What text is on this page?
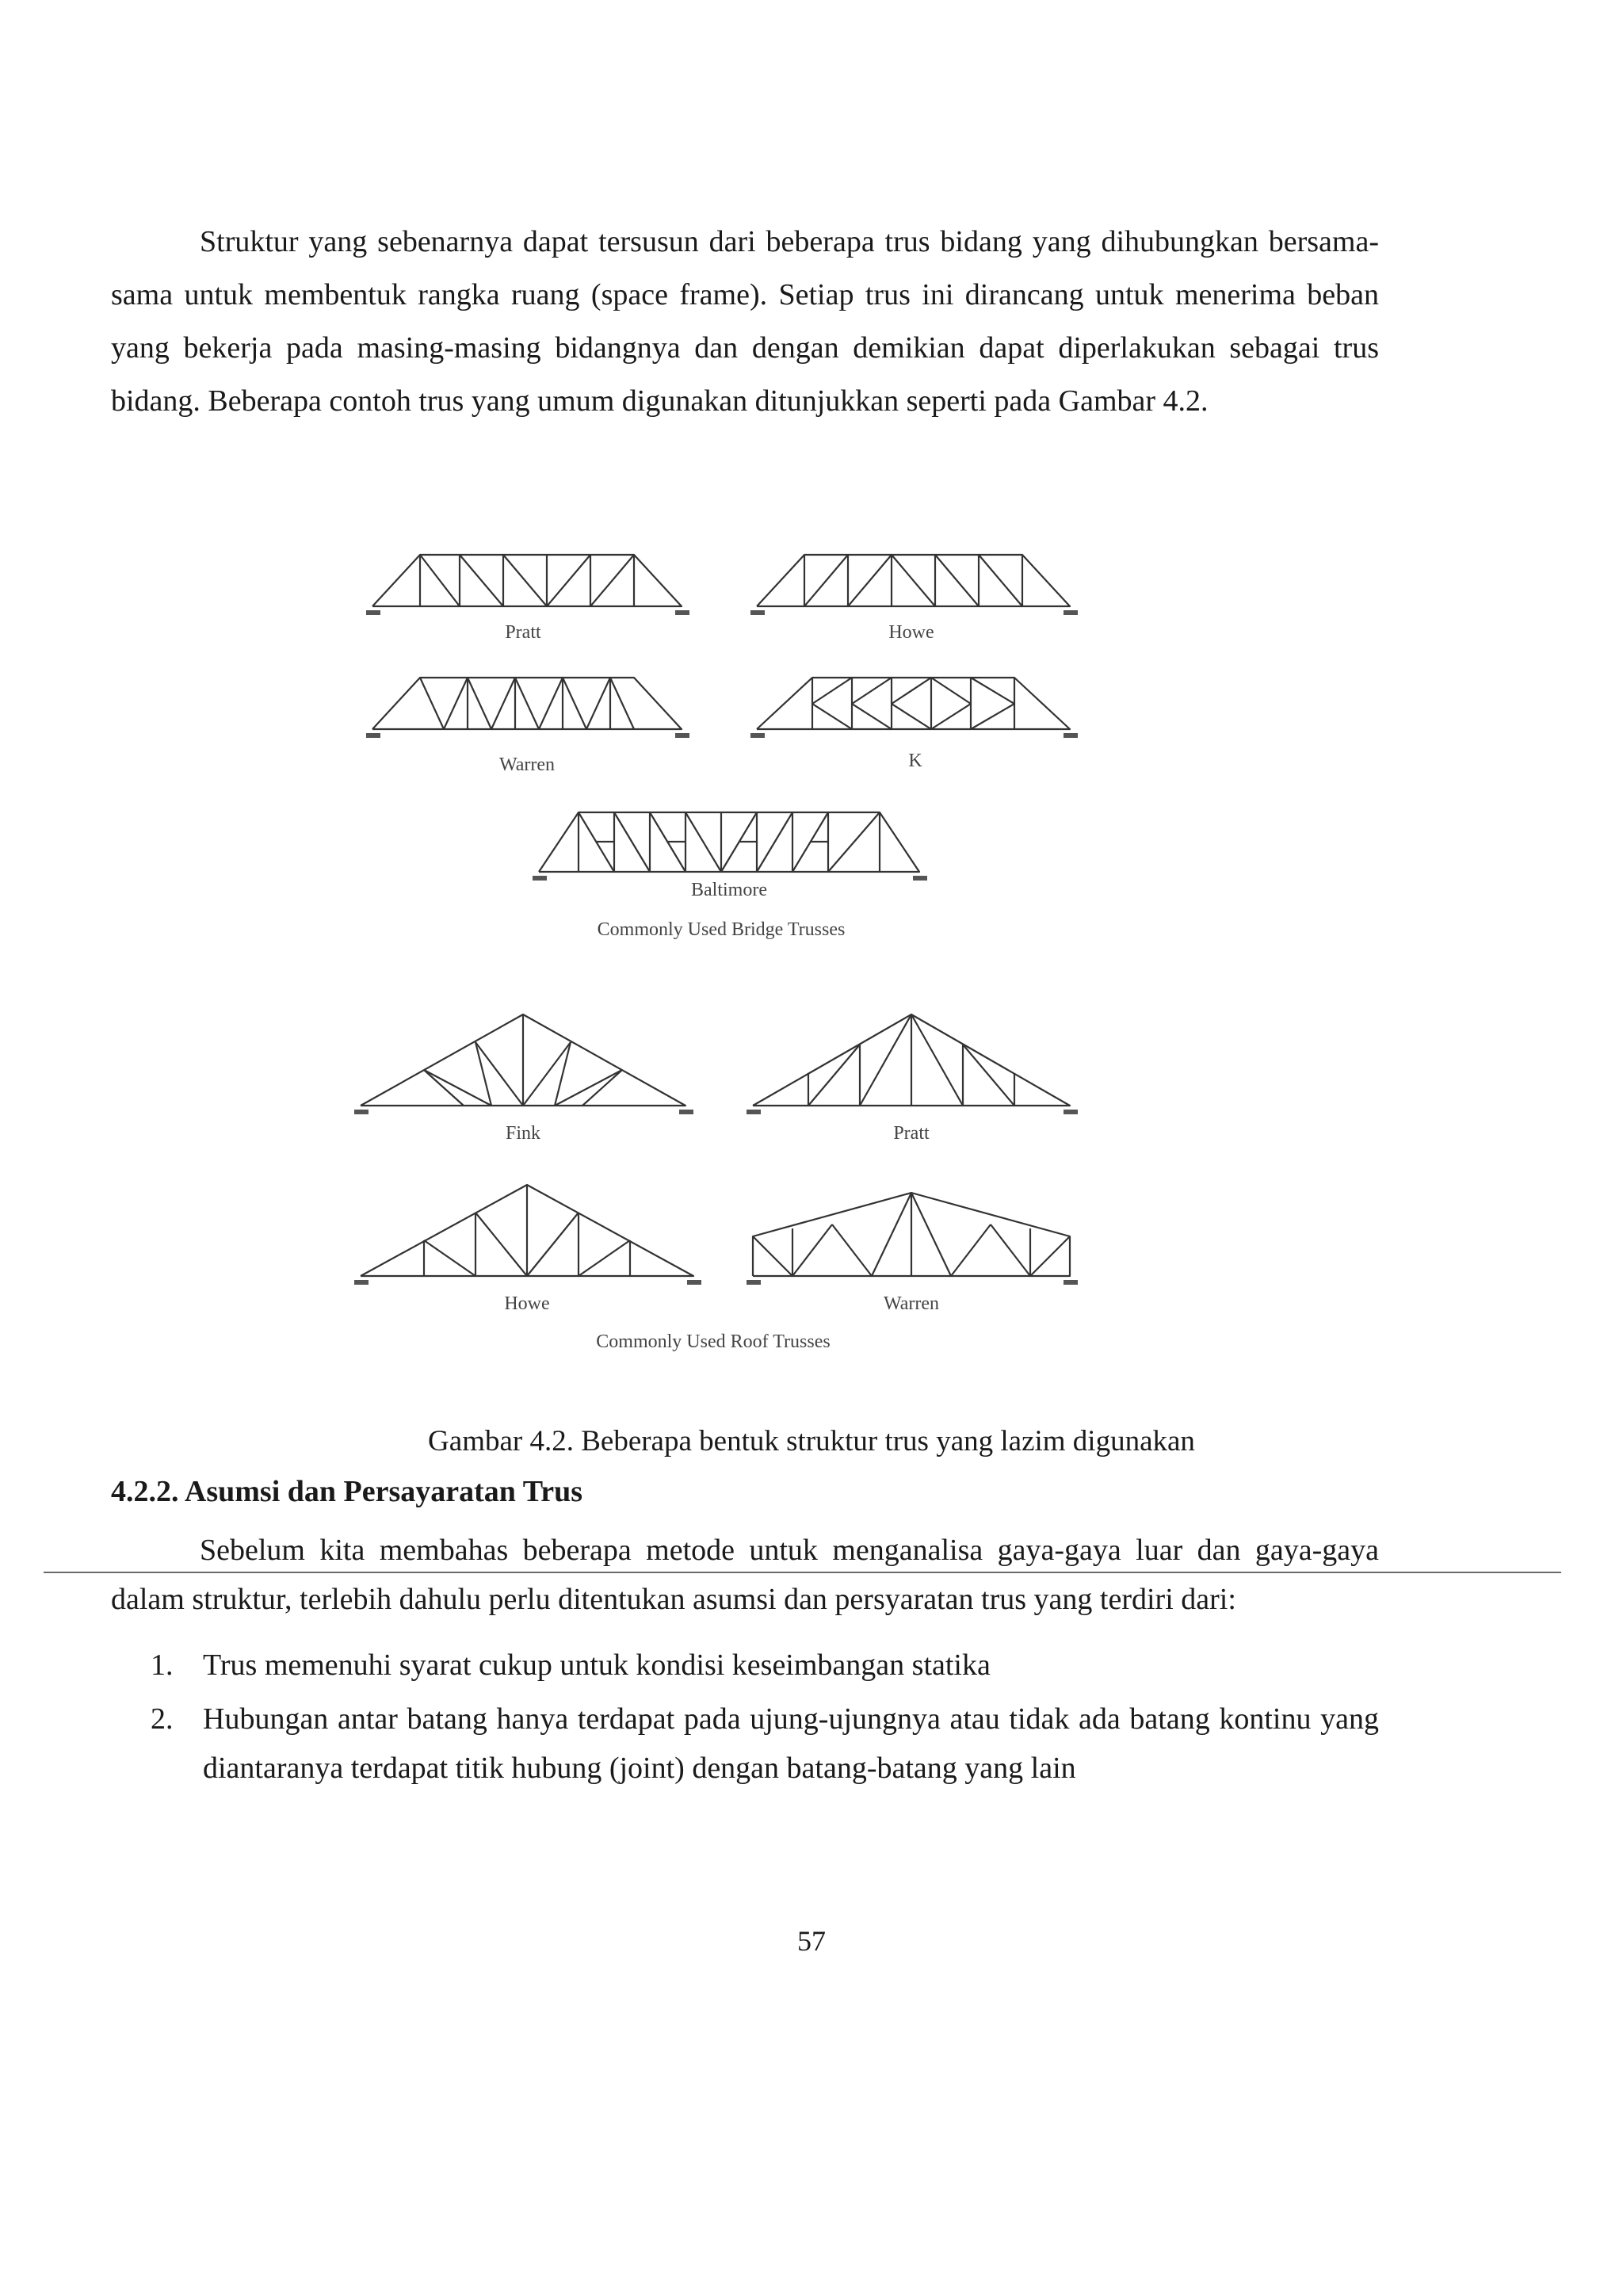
Struktur yang sebenarnya dapat tersusun dari beberapa trus bidang yang dihubungkan bersama-sama untuk membentuk rangka ruang (space frame). Setiap trus ini dirancang untuk menerima beban yang bekerja pada masing-masing bidangnya dan dengan demikian dapat diperlakukan sebagai trus bidang. Beberapa contoh trus yang umum digunakan ditunjukkan seperti pada Gambar 4.2.

Pratt	Howe
Warren	K
Baltimore
Commonly Used Bridge Trusses
Fink	Pratt
Howe	Warren
Commonly Used Roof Trusses

Gambar 4.2. Beberapa bentuk struktur trus yang lazim digunakan

4.2.2. Asumsi dan Persayaratan Trus

Sebelum kita membahas beberapa metode untuk menganalisa gaya-gaya luar dan gaya-gaya dalam struktur, terlebih dahulu perlu ditentukan asumsi dan persyaratan trus yang terdiri dari:

1. Trus memenuhi syarat cukup untuk kondisi keseimbangan statika
2. Hubungan antar batang hanya terdapat pada ujung-ujungnya atau tidak ada batang kontinu yang diantaranya terdapat titik hubung (joint) dengan batang-batang yang lain

57
